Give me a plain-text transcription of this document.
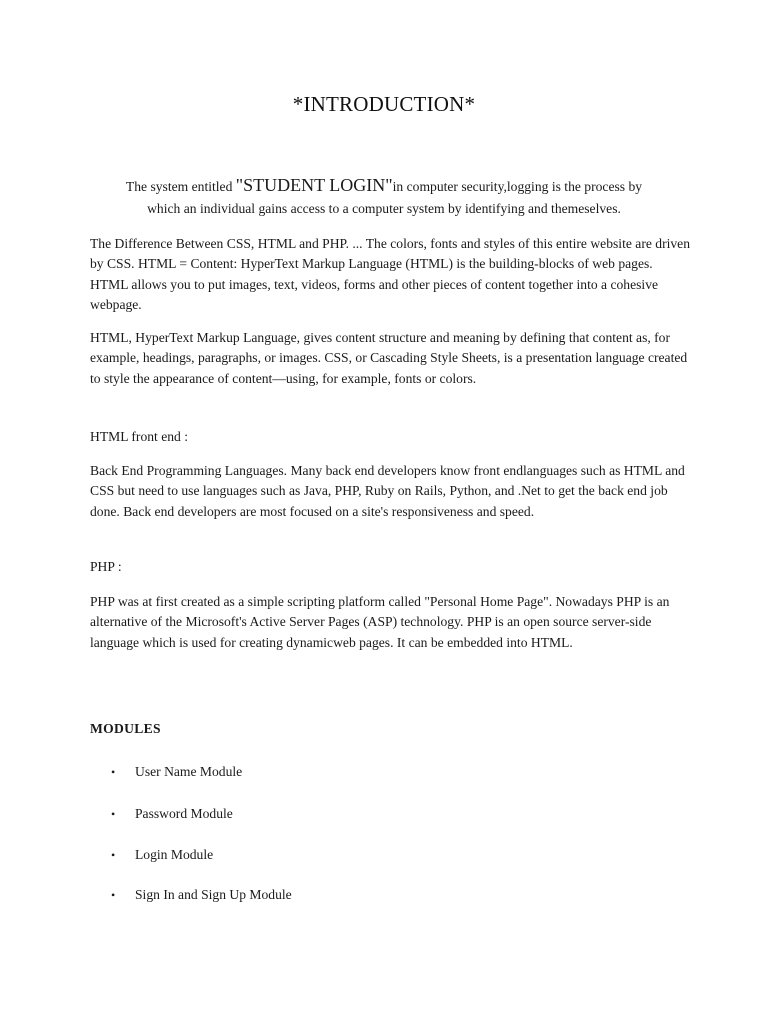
*INTRODUCTION*
The system entitled "STUDENT LOGIN"in computer security,logging is the process by
which an individual gains access to a computer system by identifying and themeselves.
The Difference Between CSS, HTML and PHP. ... The colors, fonts and styles of this entire website are driven by CSS. HTML = Content: HyperText Markup Language (HTML) is the building-blocks of web pages. HTML allows you to put images, text, videos, forms and other pieces of content together into a cohesive webpage.
HTML, HyperText Markup Language, gives content structure and meaning by defining that content as, for example, headings, paragraphs, or images. CSS, or Cascading Style Sheets, is a presentation language created to style the appearance of content—using, for example, fonts or colors.
HTML front end :
Back End Programming Languages. Many back end developers know front endlanguages such as HTML and CSS but need to use languages such as Java, PHP, Ruby on Rails, Python, and .Net to get the back end job done. Back end developers are most focused on a site's responsiveness and speed.
PHP :
PHP was at first created as a simple scripting platform called "Personal Home Page". Nowadays PHP is an alternative of the Microsoft's Active Server Pages (ASP) technology. PHP is an open source server-side language which is used for creating dynamicweb pages. It can be embedded into HTML.
MODULES
•	User Name Module
•	Password Module
•	Login Module
•	Sign In and Sign Up Module
